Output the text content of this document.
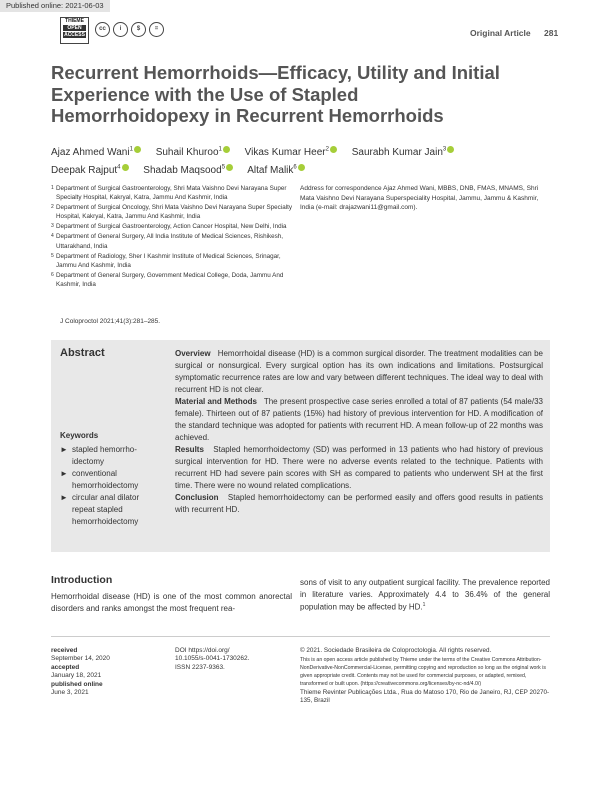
Published online: 2021-06-03
THIEME
OPEN
ACCESS
cc	i	$	=	Original Article 281
Recurrent Hemorrhoids—Efficacy, Utility and Initial Experience with the Use of Stapled Hemorrhoidopexy in Recurrent Hemorrhoids
Ajaz Ahmed Wani$^1$ Suhail Khuroo$^1$ Vikas Kumar Heer$^2$ Saurabh Kumar Jain$^3$
Deepak Rajput$^4$ Shadab Maqsood$^5$ Altaf Malik$^6$
1 Department of Surgical Gastroenterology, Shri Mata Vaishno Devi Narayana Super Specialty Hospital, Kakryal, Katra, Jammu And Kashmir, India
2 Department of Surgical Oncology, Shri Mata Vaishno Devi Narayana Super Specialty Hospital, Kakryal, Katra, Jammu And Kashmir, India
3 Department of Surgical Gastroenterology, Action Cancer Hospital, New Delhi, India
4 Department of General Surgery, All India Institute of Medical Sciences, Rishikesh, Uttarakhand, India
5 Department of Radiology, Sher I Kashmir Institute of Medical Sciences, Srinagar, Jammu And Kashmir, India
6 Department of General Surgery, Government Medical College, Doda, Jammu And Kashmir, India
Address for correspondence Ajaz Ahmed Wani, MBBS, DNB, FMAS, MNAMS, Shri Mata Vaishno Devi Narayana Superspeciality Hospital, Jammu, Jammu & Kashmir, India (e-mail: drajazwani11@gmail.com).
J Coloproctol 2021;41(3):281–285.
Abstract
Keywords
► stapled hemorrhoidectomy
► conventional hemorrhoidectomy
► circular anal dilator repeat stapled hemorrhoidectomy

Overview Hemorrhoidal disease (HD) is a common surgical disorder. The treatment modalities can be surgical or nonsurgical. Every surgical option has its own indications and limitations. Postsurgical symptomatic recurrence rates are low and vary between different techniques. The ideal way to deal with recurrent HD is not clear.

Material and Methods The present prospective case series enrolled a total of 87 patients (54 male/33 female). Thirteen out of 87 patients (15%) had history of previous intervention for HD. A modification of the standard technique was adopted for patients with recurrent HD. A mean follow-up of 22 months was achieved.

Results Stapled hemorrhoidectomy (SD) was performed in 13 patients who had history of previous surgical intervention for HD. There were no adverse events related to the technique. Patients with recurrent HD had severe pain scores with SH as compared to patients who underwent SH at the first time. There were no wound related complications.

Conclusion Stapled hemorrhoidectomy can be performed easily and offers good results in patients with recurrent HD.

Introduction
Hemorrhoidal disease (HD) is one of the most common anorectal disorders and ranks amongst the most frequent rea-
sons of visit to any outpatient surgical facility. The prevalence reported in literature varies. Approximately 4.4 to 36.4% of the general population may be affected by HD.$^1$
received
September 14, 2020
accepted
January 18, 2021
published online
June 3, 2021
DOI https://doi.org/
10.1055/s-0041-1730262.
ISSN 2237-9363.
© 2021. Sociedade Brasileira de Coloproctologia. All rights reserved.
This is an open access article published by Thieme under the terms of the Creative Commons Attribution-NonDerivative-NonCommercial-License, permitting copying and reproduction so long as the original work is given appropriate credit. Contents may not be used for commercial purposes, or adapted, remixed, transformed or built upon. (https://creativecommons.org/licenses/by-nc-nd/4.0/)
Thieme Revinter Publicações Ltda., Rua do Matoso 170, Rio de Janeiro, RJ, CEP 20270-135, Brazil
